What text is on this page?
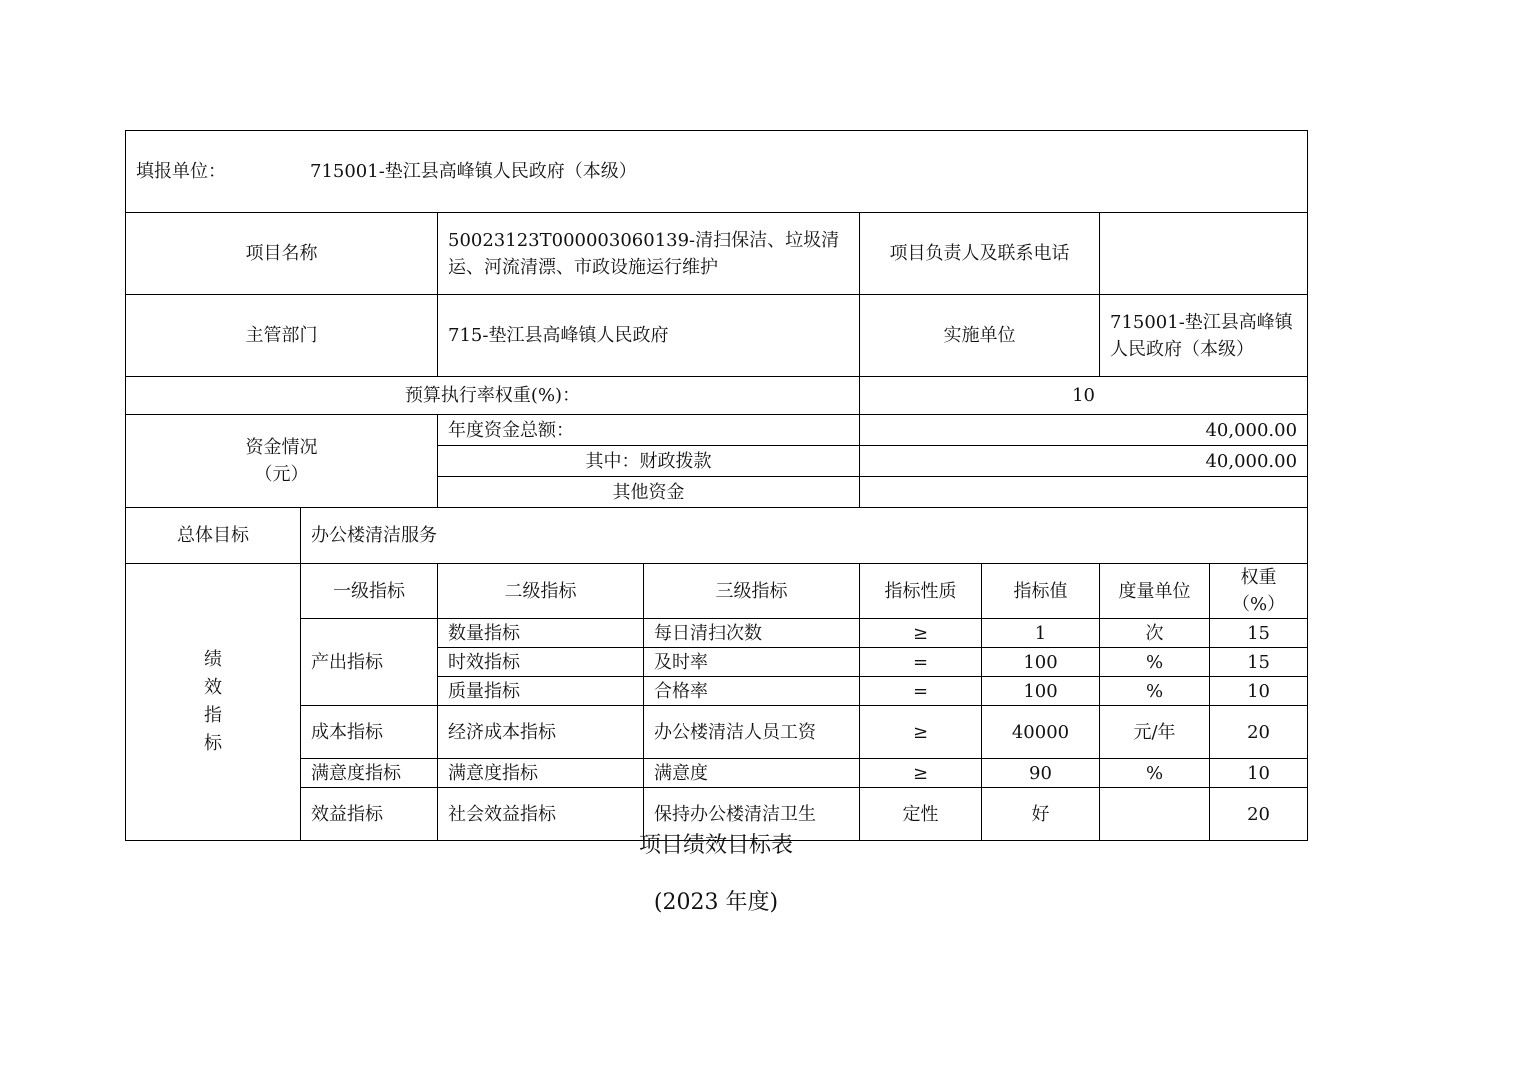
填报单位： 715001-垫江县高峰镇人民政府（本级）							
项目名称		50023123T000003060139-清扫保洁、垃圾清运、河流清漂、市政设施运行维护		项目负责人及联系电话			
主管部门		715-垫江县高峰镇人民政府		实施单位		715001-垫江县高峰镇人民政府（本级）	
预算执行率权重(%)：				10			

资金情况
（元）		年度资金总额：		40,000.00			
		其中：财政拨款		40,000.00			
		其他资金					
总体目标	办公楼清洁服务						
绩
效
指
标	一级指标	二级指标	三级指标	指标性质	指标值	度量单位	权重（%）
	产出指标	数量指标	每日清扫次数	≥	1	次	15
		时效指标	及时率	=	100	%	15
		质量指标	合格率	=	100	%	10
	成本指标	经济成本指标	办公楼清洁人员工资	≥	40000	元/年	20
	满意度指标	满意度指标	满意度	≥	90	%	10
	效益指标	社会效益指标	保持办公楼清洁卫生	定性	好		20
项目绩效目标表
(2023 年度)
